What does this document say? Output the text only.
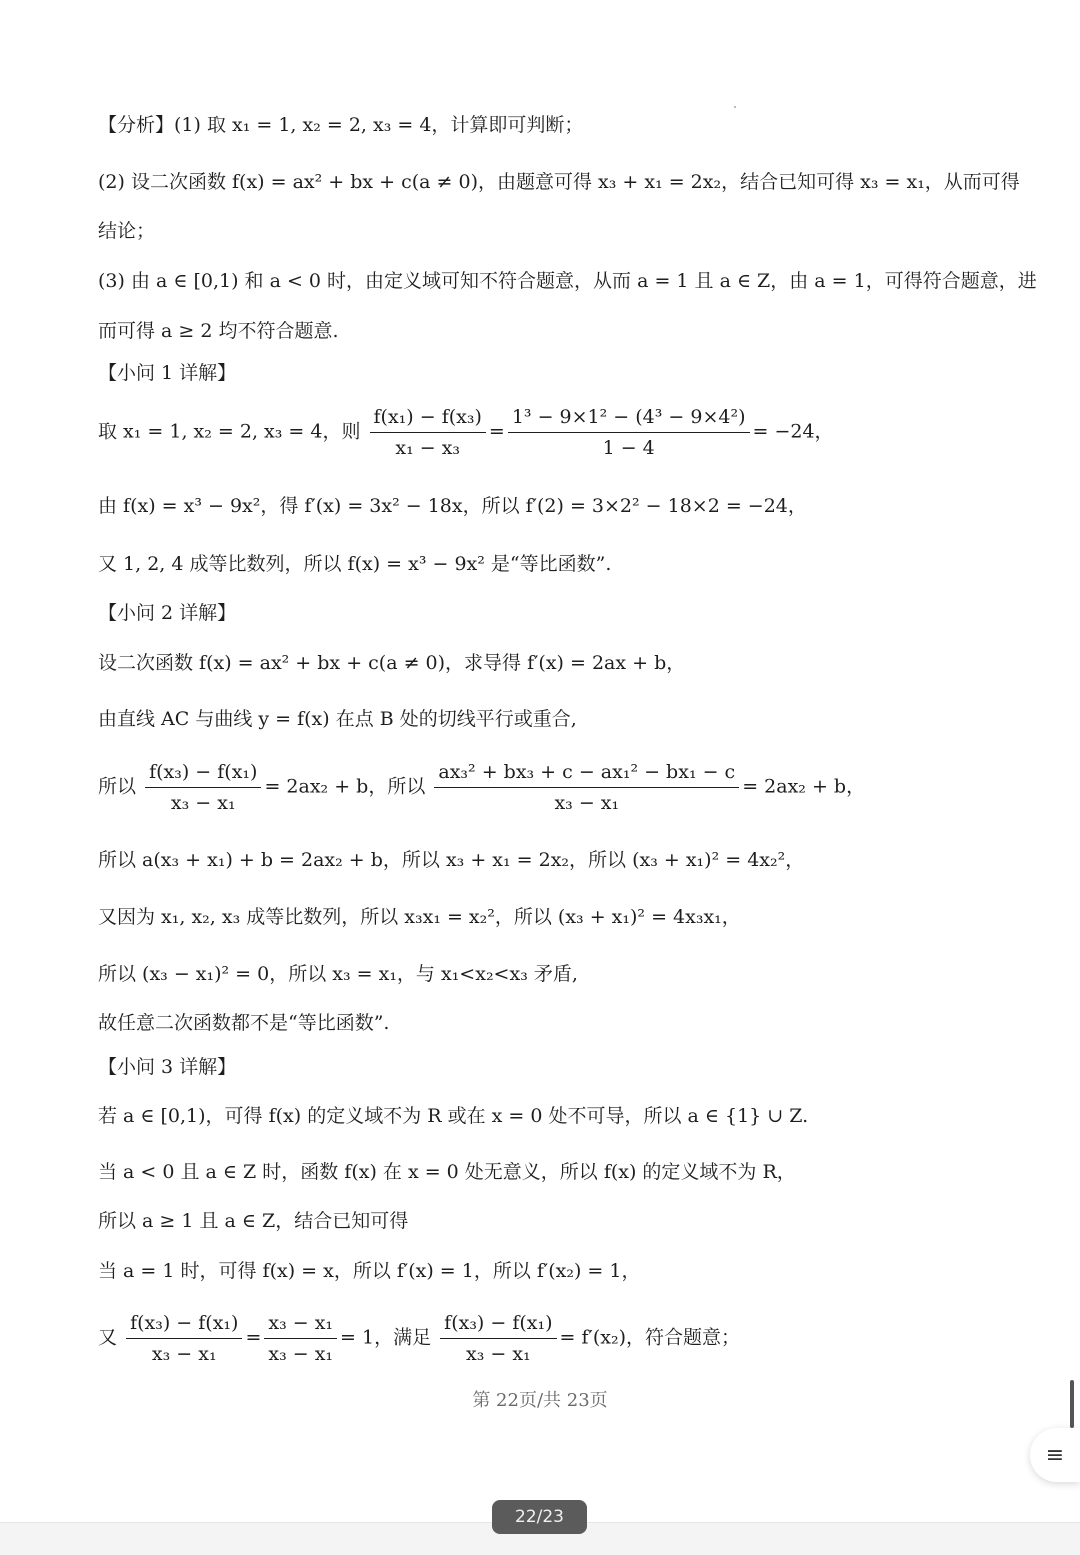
【分析】(1) 取 x₁ = 1, x₂ = 2, x₃ = 4，计算即可判断；
(2) 设二次函数 f(x) = ax² + bx + c(a ≠ 0)，由题意可得 x₃ + x₁ = 2x₂，结合已知可得 x₃ = x₁，从而可得
结论；
(3) 由 a ∈ [0,1) 和 a < 0 时，由定义域可知不符合题意，从而 a = 1 且 a ∈ Z，由 a = 1，可得符合题意，进
而可得 a ≥ 2 均不符合题意.
【小问 1 详解】
取 x₁ = 1, x₂ = 2, x₃ = 4，则 $\frac{\text{f(x₁) − f(x₃)}}{\text{x₁ − x₃}} = \frac{\text{1³ − 9×1² − (4³ − 9×4²)}}{1 - 4} = -24$，
由 f(x) = x³ − 9x²，得 f′(x) = 3x² − 18x，所以 f′(2) = 3×2² − 18×2 = −24，
又 1, 2, 4 成等比数列，所以 f(x) = x³ − 9x² 是“等比函数”.
【小问 2 详解】
设二次函数 f(x) = ax² + bx + c(a ≠ 0)，求导得 f′(x) = 2ax + b，
由直线 AC 与曲线 y = f(x) 在点 B 处的切线平行或重合,
所以 $\frac{\text{f(x₃) − f(x₁)}}{\text{x₃ − x₁}} = 2ax_2 + b$，所以 $\frac{\text{ax₃² + bx₃ + c − ax₁² − bx₁ − c}}{\text{x₃ − x₁}} = 2ax_2 + b$，
所以 a(x₃ + x₁) + b = 2ax₂ + b，所以 x₃ + x₁ = 2x₂，所以 (x₃ + x₁)² = 4x₂²，
又因为 x₁, x₂, x₃ 成等比数列，所以 x₃x₁ = x₂²，所以 (x₃ + x₁)² = 4x₃x₁，
所以 (x₃ − x₁)² = 0，所以 x₃ = x₁，与 x₁<x₂<x₃ 矛盾,
故任意二次函数都不是“等比函数”.
【小问 3 详解】
若 a ∈ [0,1)，可得 f(x) 的定义域不为 R 或在 x = 0 处不可导，所以 a ∈ {1} ∪ Z.
当 a < 0 且 a ∈ Z 时，函数 f(x) 在 x = 0 处无意义，所以 f(x) 的定义域不为 R，
所以 a ≥ 1 且 a ∈ Z，结合已知可得
当 a = 1 时，可得 f(x) = x，所以 f′(x) = 1，所以 f′(x₂) = 1，
又 $\frac{\text{f(x₃) − f(x₁)}}{\text{x₃ − x₁}} = \frac{\text{x₃ − x₁}}{\text{x₃ − x₁}} = 1$，满足 $\frac{\text{f(x₃) − f(x₁)}}{\text{x₃ − x₁}} = f'(x_2)$，符合题意；
第 22页/共 23页
≡
22/23
